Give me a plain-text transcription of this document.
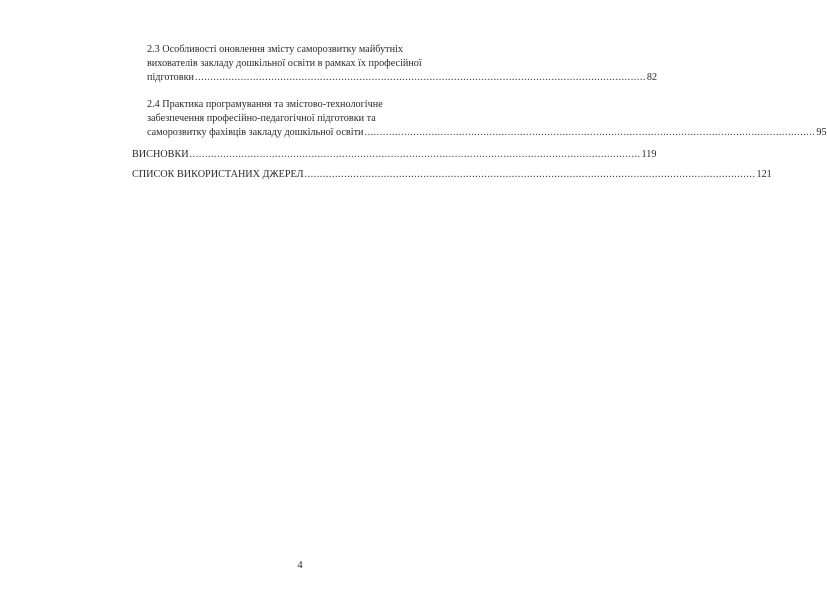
2.3 Особливості оновлення змісту саморозвитку майбутніх
вихователів закладу дошкільної освіти в рамках їх професійної
підготовки .................................................................................................................................................... 82
2.4 Практика програмування та змістово-технологічне
забезпечення професійно-педагогічної підготовки та
саморозвитку фахівців закладу дошкільної освіти .................................................................................................................................................... 95
ВИСНОВКИ .................................................................................................................................................... 119
СПИСОК ВИКОРИСТАНИХ ДЖЕРЕЛ .................................................................................................................................................... 121
4
